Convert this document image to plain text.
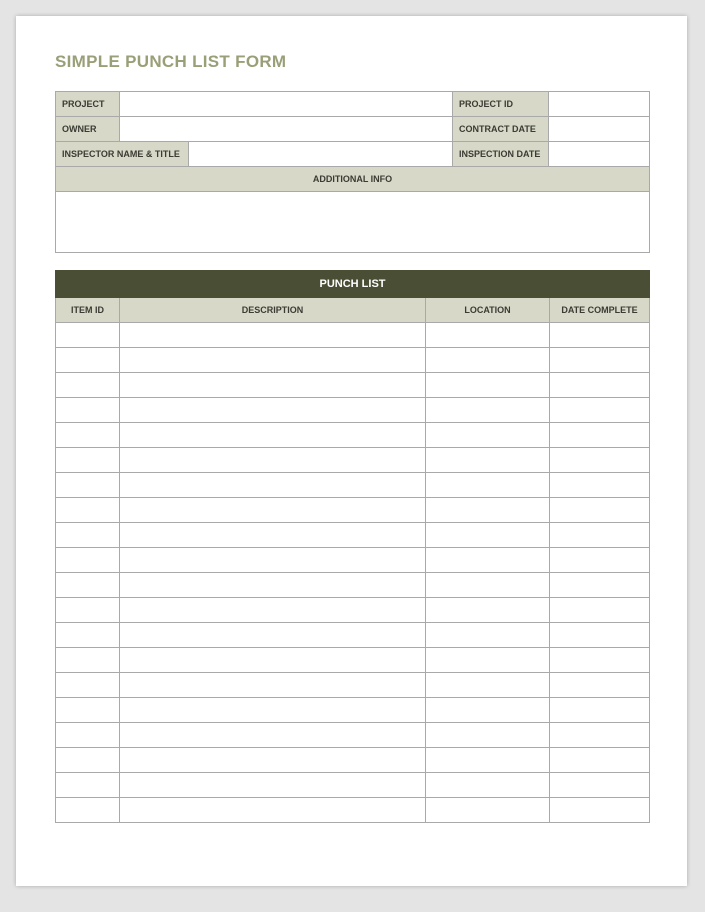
SIMPLE PUNCH LIST FORM
PROJECT			PROJECT ID	
OWNER			CONTRACT DATE	
INSPECTOR NAME & TITLE			INSPECTION DATE	
ADDITIONAL INFO				

PUNCH LIST			
ITEM ID	DESCRIPTION	LOCATION	DATE COMPLETE
